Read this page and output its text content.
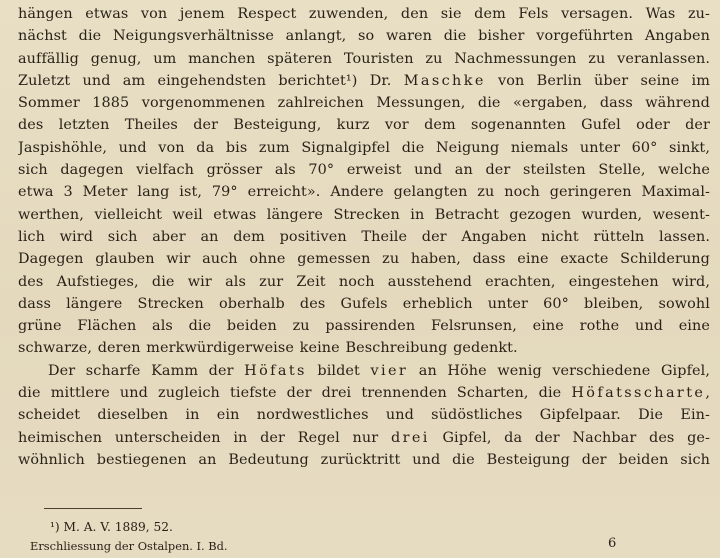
hängen etwas von jenem Respect zuwenden, den sie dem Fels versagen. Was zu-
nächst die Neigungsverhältnisse anlangt, so waren die bisher vorgeführten Angaben
auffällig genug, um manchen späteren Touristen zu Nachmessungen zu veranlassen.
Zuletzt und am eingehendsten berichtet¹) Dr. Maschke von Berlin über seine im
Sommer 1885 vorgenommenen zahlreichen Messungen, die «ergaben, dass während
des letzten Theiles der Besteigung, kurz vor dem sogenannten Gufel oder der
Jaspishöhle, und von da bis zum Signalgipfel die Neigung niemals unter 60° sinkt,
sich dagegen vielfach grösser als 70° erweist und an der steilsten Stelle, welche
etwa 3 Meter lang ist, 79° erreicht». Andere gelangten zu noch geringeren Maximal-
werthen, vielleicht weil etwas längere Strecken in Betracht gezogen wurden, wesent-
lich wird sich aber an dem positiven Theile der Angaben nicht rütteln lassen.
Dagegen glauben wir auch ohne gemessen zu haben, dass eine exacte Schilderung
des Aufstieges, die wir als zur Zeit noch ausstehend erachten, eingestehen wird,
dass längere Strecken oberhalb des Gufels erheblich unter 60° bleiben, sowohl
grüne Flächen als die beiden zu passirenden Felsrunsen, eine rothe und eine
schwarze, deren merkwürdigerweise keine Beschreibung gedenkt.
Der scharfe Kamm der Höfats bildet vier an Höhe wenig verschiedene Gipfel,
die mittlere und zugleich tiefste der drei trennenden Scharten, die Höfatsscharte,
scheidet dieselben in ein nordwestliches und südöstliches Gipfelpaar. Die Ein-
heimischen unterscheiden in der Regel nur drei Gipfel, da der Nachbar des ge-
wöhnlich bestiegenen an Bedeutung zurücktritt und die Besteigung der beiden sich
¹) M. A. V. 1889, 52.
Erschliessung der Ostalpen. I. Bd.	6
